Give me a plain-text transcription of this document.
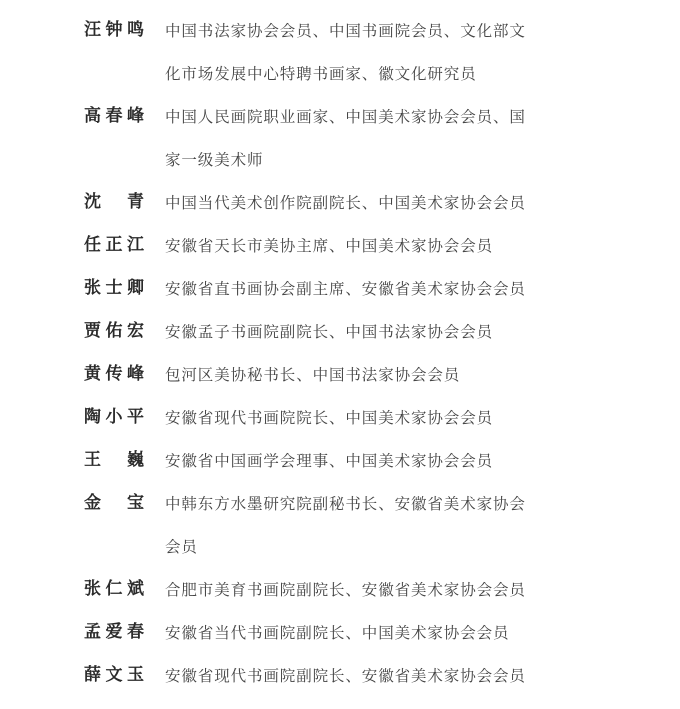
汪钟鸣 中国书法家协会会员、中国书画院会员、文化部文
化市场发展中心特聘书画家、徽文化研究员
高春峰 中国人民画院职业画家、中国美术家协会会员、国
家一级美术师
沈　青 中国当代美术创作院副院长、中国美术家协会会员
任正江 安徽省天长市美协主席、中国美术家协会会员
张士卿 安徽省直书画协会副主席、安徽省美术家协会会员
贾佑宏 安徽孟子书画院副院长、中国书法家协会会员
黄传峰 包河区美协秘书长、中国书法家协会会员
陶小平 安徽省现代书画院院长、中国美术家协会会员
王　巍 安徽省中国画学会理事、中国美术家协会会员
金　宝 中韩东方水墨研究院副秘书长、安徽省美术家协会
会员
张仁斌 合肥市美育书画院副院长、安徽省美术家协会会员
孟爱春 安徽省当代书画院副院长、中国美术家协会会员
薛文玉 安徽省现代书画院副院长、安徽省美术家协会会员
